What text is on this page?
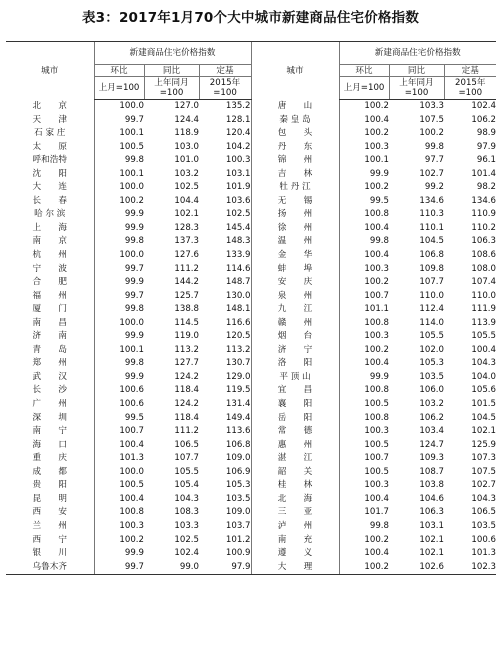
表3：2017年1月70个大中城市新建商品住宅价格指数
城市	新建商品住宅价格指数			城市	新建商品住宅价格指数		
	环比	同比	定基		环比	同比	定基
	上月=100	上年同月=100	2015年=100		上月=100	上年同月=100	2015年=100
北　　京	100.0	127.0	135.2	唐　　山	100.2	103.3	102.4
天　　津	99.7	124.4	128.1	秦 皇 岛	100.4	107.5	106.2
石 家 庄	100.1	118.9	120.4	包　　头	100.2	100.2	98.9
太　　原	100.5	103.0	104.2	丹　　东	100.3	99.8	97.9
呼和浩特	99.8	101.0	100.3	锦　　州	100.1	97.7	96.1
沈　　阳	100.1	103.2	103.1	吉　　林	99.9	102.7	101.4
大　　连	100.0	102.5	101.9	牡 丹 江	100.2	99.2	98.2
长　　春	100.2	104.4	103.6	无　　锡	99.5	134.6	134.6
哈 尔 滨	99.9	102.1	102.5	扬　　州	100.8	110.3	110.9
上　　海	99.9	128.3	145.4	徐　　州	100.4	110.1	110.2
南　　京	99.8	137.3	148.3	温　　州	99.8	104.5	106.3
杭　　州	100.0	127.6	133.9	金　　华	100.4	106.8	108.6
宁　　波	99.7	111.2	114.6	蚌　　埠	100.3	109.8	108.0
合　　肥	99.9	144.2	148.7	安　　庆	100.2	107.7	107.4
福　　州	99.7	125.7	130.0	泉　　州	100.7	110.0	110.0
厦　　门	99.8	138.8	148.1	九　　江	101.1	112.4	111.9
南　　昌	100.0	114.5	116.6	赣　　州	100.8	114.0	113.9
济　　南	99.9	119.0	120.5	烟　　台	100.3	105.5	105.5
青　　岛	100.1	113.2	113.2	济　　宁	100.2	102.0	100.4
郑　　州	99.8	127.7	130.7	洛　　阳	100.4	105.3	104.3
武　　汉	99.9	124.2	129.0	平 顶 山	99.9	103.5	104.0
长　　沙	100.6	118.4	119.5	宜　　昌	100.8	106.0	105.6
广　　州	100.6	124.2	131.4	襄　　阳	100.5	103.2	101.5
深　　圳	99.5	118.4	149.4	岳　　阳	100.8	106.2	104.5
南　　宁	100.7	111.2	113.6	常　　德	100.3	103.4	102.1
海　　口	100.4	106.5	106.8	惠　　州	100.5	124.7	125.9
重　　庆	101.3	107.7	109.0	湛　　江	100.7	109.3	107.3
成　　都	100.0	105.5	106.9	韶　　关	100.5	108.7	107.5
贵　　阳	100.5	105.4	105.3	桂　　林	100.3	103.8	102.7
昆　　明	100.4	104.3	103.5	北　　海	100.4	104.6	104.3
西　　安	100.8	108.3	109.0	三　　亚	101.7	106.3	106.5
兰　　州	100.3	103.3	103.7	泸　　州	99.8	103.1	103.5
西　　宁	100.2	102.5	101.2	南　　充	100.2	102.1	100.6
银　　川	99.9	102.4	100.9	遵　　义	100.4	102.1	101.3
乌鲁木齐	99.7	99.0	97.9	大　　理	100.2	102.6	102.3
